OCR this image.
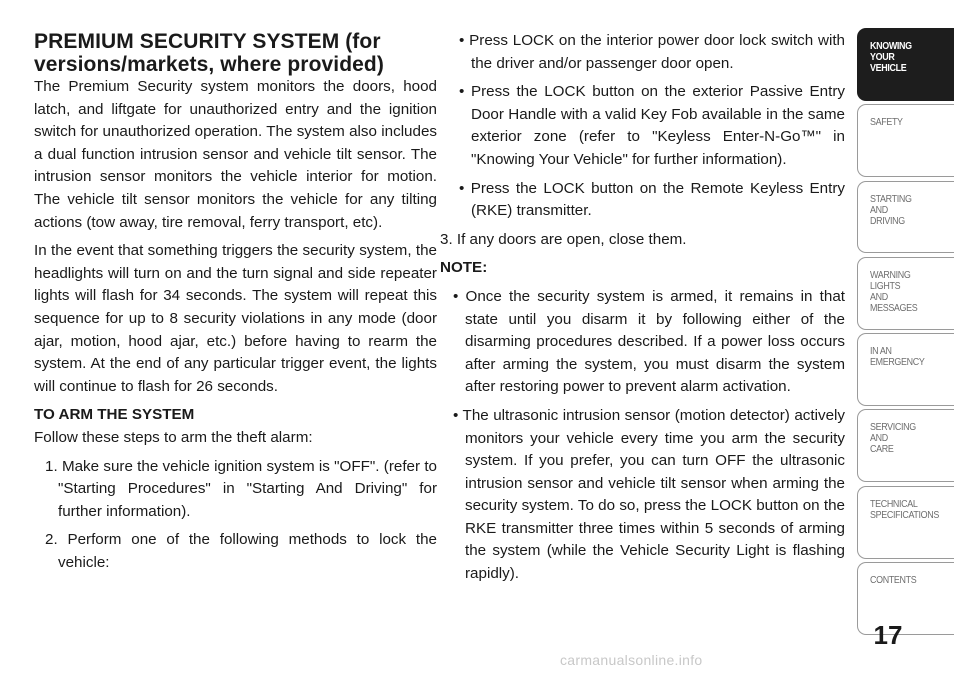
PREMIUM SECURITY SYSTEM (for versions/markets, where provided)

The Premium Security system monitors the doors, hood latch, and liftgate for unauthorized entry and the ignition switch for unauthorized operation. The system also includes a dual function intrusion sensor and vehicle tilt sensor. The intrusion sensor monitors the vehicle interior for motion. The vehicle tilt sensor monitors the vehicle for any tilting actions (tow away, tire removal, ferry transport, etc).

In the event that something triggers the security system, the headlights will turn on and the turn signal and side repeater lights will flash for 34 seconds. The system will repeat this sequence for up to 8 security violations in any mode (door ajar, motion, hood ajar, etc.) before having to rearm the system. At the end of any particular trigger event, the lights will continue to flash for 26 seconds.

TO ARM THE SYSTEM

Follow these steps to arm the theft alarm:

1. Make sure the vehicle ignition system is "OFF". (refer to "Starting Procedures" in "Starting And Driving" for further information).

2. Perform one of the following methods to lock the vehicle:

• Press LOCK on the interior power door lock switch with the driver and/or passenger door open.

• Press the LOCK button on the exterior Passive Entry Door Handle with a valid Key Fob available in the same exterior zone (refer to "Keyless Enter-N-Go™" in "Knowing Your Vehicle" for further information).

• Press the LOCK button on the Remote Keyless Entry (RKE) transmitter.

3. If any doors are open, close them.

NOTE:

• Once the security system is armed, it remains in that state until you disarm it by following either of the disarming procedures described. If a power loss occurs after arming the system, you must disarm the system after restoring power to prevent alarm activation.

• The ultrasonic intrusion sensor (motion detector) actively monitors your vehicle every time you arm the security system. If you prefer, you can turn OFF the ultrasonic intrusion sensor and vehicle tilt sensor when arming the security system. To do so, press the LOCK button on the RKE transmitter three times within 5 seconds of arming the system (while the Vehicle Security Light is flashing rapidly).

KNOWING
YOUR
VEHICLE
SAFETY
STARTING
AND
DRIVING
WARNING
LIGHTS
AND
MESSAGES
IN AN
EMERGENCY
SERVICING
AND
CARE
TECHNICAL
SPECIFICATIONS
CONTENTS
17
carmanualsonline.info
